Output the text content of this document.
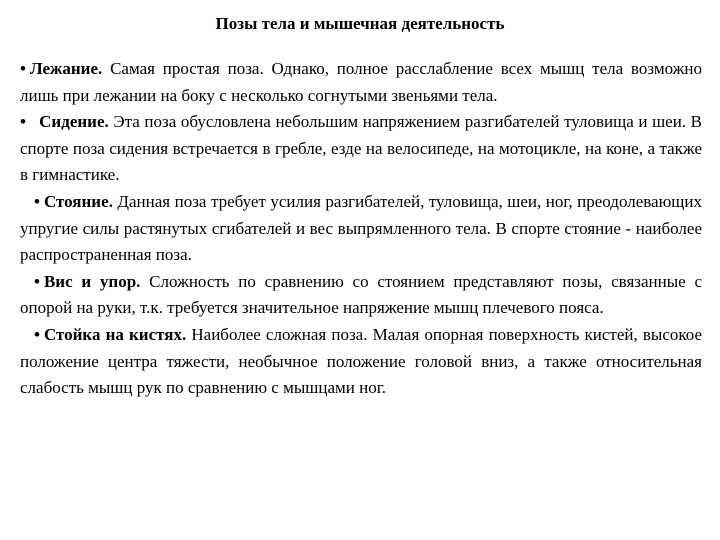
Позы тела и мышечная деятельность

• Лежание. Самая простая поза. Однако, полное расслабление всех мышц тела возможно лишь при лежании на боку с несколько согнутыми звеньями тела.

• Сидение. Эта поза обусловлена небольшим напряжением разгибателей туловища и шеи. В спорте поза сидения встречается в гребле, езде на велосипеде, на мотоцикле, на коне, а также в гимнастике.

• Стояние. Данная поза требует усилия разгибателей, туловища, шеи, ног, преодолевающих упругие силы растянутых сгибателей и вес выпрямленного тела. В спорте стояние - наиболее распространенная поза.

• Вис и упор. Сложность по сравнению со стоянием представляют позы, связанные с опорой на руки, т.к. требуется значительное напряжение мышц плечевого пояса.

• Стойка на кистях. Наиболее сложная поза. Малая опорная поверхность кистей, высокое положение центра тяжести, необычное положение головой вниз, а также относительная слабость мышц рук по сравнению с мышцами ног.
